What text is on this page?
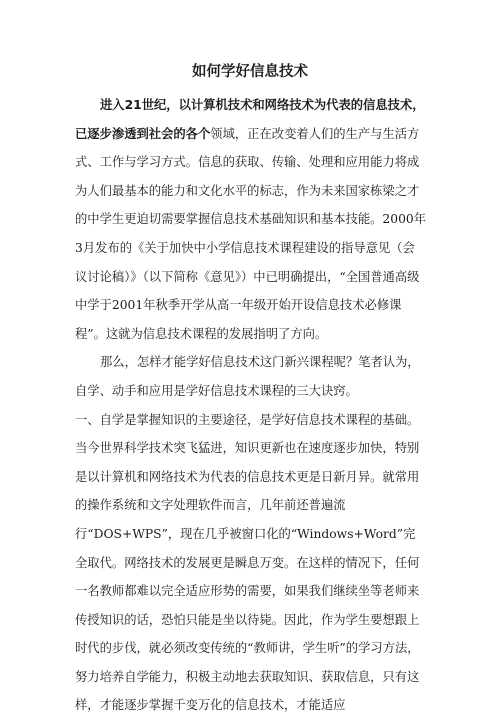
如何学好信息技术

进入21世纪，以计算机技术和网络技术为代表的信息技术，已逐步渗透到社会的各个领域，正在改变着人们的生产与生活方式、工作与学习方式。信息的获取、传输、处理和应用能力将成为人们最基本的能力和文化水平的标志，作为未来国家栋梁之才的中学生更迫切需要掌握信息技术基础知识和基本技能。2000年3月发布的《关于加快中小学信息技术课程建设的指导意见（会议讨论稿）》（以下简称《意见》）中已明确提出，“全国普通高级中学于2001年秋季开学从高一年级开始开设信息技术必修课程”。这就为信息技术课程的发展指明了方向。

那么，怎样才能学好信息技术这门新兴课程呢？笔者认为，自学、动手和应用是学好信息技术课程的三大诀窍。

一、自学是掌握知识的主要途径，是学好信息技术课程的基础。当今世界科学技术突飞猛进，知识更新也在速度逐步加快，特别是以计算机和网络技术为代表的信息技术更是日新月异。就常用的操作系统和文字处理软件而言，几年前还普遍流行“DOS+WPS”，现在几乎被窗口化的“Windows+Word”完全取代。网络技术的发展更是瞬息万变。在这样的情况下，任何一名教师都难以完全适应形势的需要，如果我们继续坐等老师来传授知识的话，恐怕只能是坐以待毙。因此，作为学生要想跟上时代的步伐，就必须改变传统的“教师讲，学生听”的学习方法，努力培养自学能力，积极主动地去获取知识、获取信息，只有这样，才能逐步掌握千变万化的信息技术，才能适应
